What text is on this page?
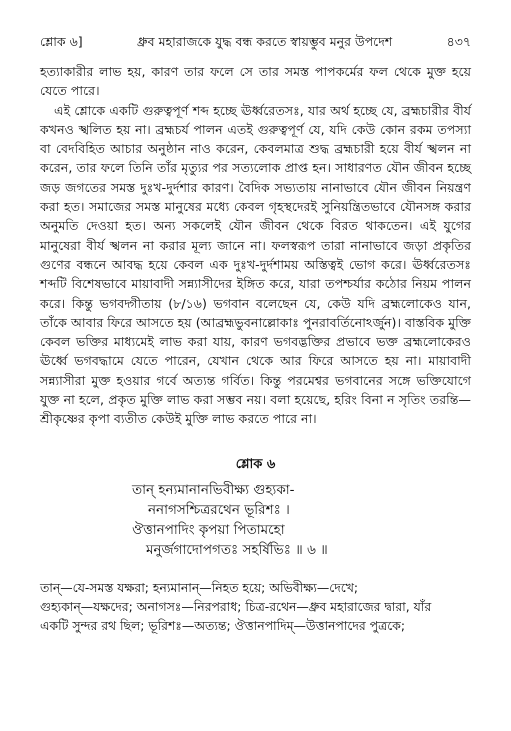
শ্লোক ৬]	ধ্রুব মহারাজকে যুদ্ধ বন্ধ করতে স্বায়ম্ভুব মনুর উপদেশ	৪৩৭

হত্যাকারীর লাভ হয়, কারণ তার ফলে সে তার সমস্ত পাপকর্মের ফল থেকে মুক্ত হয়ে যেতে পারে।

এই শ্লোকে একটি গুরুত্বপূর্ণ শব্দ হচ্ছে ঊর্ধ্বরেতসঃ, যার অর্থ হচ্ছে যে, ব্রহ্মচারীর বীর্য কখনও স্খলিত হয় না। ব্রহ্মচর্য পালন এতই গুরুত্বপূর্ণ যে, যদি কেউ কোন রকম তপস্যা বা বেদবিহিত আচার অনুষ্ঠান নাও করেন, কেবলমাত্র শুদ্ধ ব্রহ্মচারী হয়ে বীর্য স্খলন না করেন, তার ফলে তিনি তাঁর মৃত্যুর পর সত্যলোক প্রাপ্ত হন। সাধারণত যৌন জীবন হচ্ছে জড় জগতের সমস্ত দুঃখ-দুর্দশার কারণ। বৈদিক সভ্যতায় নানাভাবে যৌন জীবন নিয়ন্ত্রণ করা হত। সমাজের সমস্ত মানুষের মধ্যে কেবল গৃহস্থদেরই সুনিয়ন্ত্রিতভাবে যৌনসঙ্গ করার অনুমতি দেওয়া হত। অন্য সকলেই যৌন জীবন থেকে বিরত থাকতেন। এই যুগের মানুষেরা বীর্য স্খলন না করার মূল্য জানে না। ফলস্বরূপ তারা নানাভাবে জড়া প্রকৃতির গুণের বন্ধনে আবদ্ধ হয়ে কেবল এক দুঃখ-দুর্দশাময় অস্তিত্বই ভোগ করে। ঊর্ধ্বরেতসঃ শব্দটি বিশেষভাবে মায়াবাদী সন্ন্যাসীদের ইঙ্গিত করে, যারা তপশ্চর্যার কঠোর নিয়ম পালন করে। কিন্তু ভগবদ্গীতায় (৮/১৬) ভগবান বলেছেন যে, কেউ যদি ব্রহ্মলোকেও যান, তাঁকে আবার ফিরে আসতে হয় (আব্রহ্মভুবনাল্লোকাঃ পুনরাবর্তিনোঽর্জুন)। বাস্তবিক মুক্তি কেবল ভক্তির মাধ্যমেই লাভ করা যায়, কারণ ভগবদ্ভক্তির প্রভাবে ভক্ত ব্রহ্মলোকেরও ঊর্ধ্বে ভগবদ্ধামে যেতে পারেন, যেখান থেকে আর ফিরে আসতে হয় না। মায়াবাদী সন্ন্যাসীরা মুক্ত হওয়ার গর্বে অত্যন্ত গর্বিত। কিন্তু পরমেশ্বর ভগবানের সঙ্গে ভক্তিযোগে যুক্ত না হলে, প্রকৃত মুক্তি লাভ করা সম্ভব নয়। বলা হয়েছে, হরিং বিনা ন সৃতিং তরন্তি—শ্রীকৃষ্ণের কৃপা ব্যতীত কেউই মুক্তি লাভ করতে পারে না।

শ্লোক ৬
তান্ হন্যমানানভিবীক্ষ্য গুহ্যকা-
ননাগসশ্চিত্ররথেন ভূরিশঃ ।
ঔত্তানপাদিং কৃপয়া পিতামহো
মনুর্জগাদোপগতঃ সহর্ষিভিঃ ॥ ৬ ॥

তান্—যে-সমস্ত যক্ষরা; হন্যমানান্—নিহত হয়ে; অভিবীক্ষ্য—দেখে;

গুহ্যকান্—যক্ষদের; অনাগসঃ—নিরপরাধ; চিত্র-রথেন—ধ্রুব মহারাজের দ্বারা, যাঁর

একটি সুন্দর রথ ছিল; ভূরিশঃ—অত্যন্ত; ঔত্তানপাদিম্—উত্তানপাদের পুত্রকে;
